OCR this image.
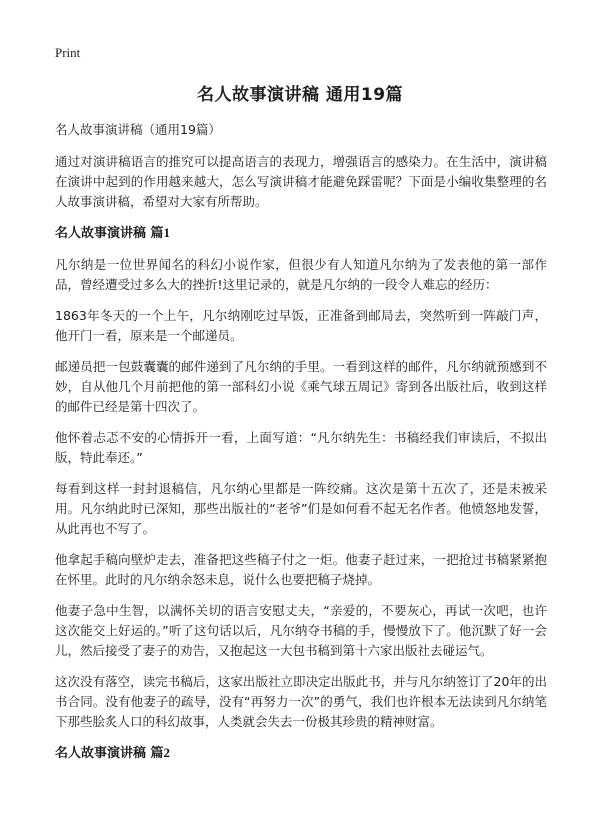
Print
名人故事演讲稿 通用19篇

名人故事演讲稿（通用19篇）

通过对演讲稿语言的推究可以提高语言的表现力，增强语言的感染力。在生活中，演讲稿在演讲中起到的作用越来越大，怎么写演讲稿才能避免踩雷呢？下面是小编收集整理的名人故事演讲稿，希望对大家有所帮助。

名人故事演讲稿 篇1

凡尔纳是一位世界闻名的科幻小说作家，但很少有人知道凡尔纳为了发表他的第一部作品，曾经遭受过多么大的挫折!这里记录的，就是凡尔纳的一段令人难忘的经历：

1863年冬天的一个上午，凡尔纳刚吃过早饭，正准备到邮局去，突然听到一阵敲门声，他开门一看，原来是一个邮递员。

邮递员把一包鼓囊囊的邮件递到了凡尔纳的手里。一看到这样的邮件，凡尔纳就预感到不妙，自从他几个月前把他的第一部科幻小说《乘气球五周记》寄到各出版社后，收到这样的邮件已经是第十四次了。

他怀着忐忑不安的心情拆开一看，上面写道：“凡尔纳先生：书稿经我们审读后，不拟出版，特此奉还。”

每看到这样一封封退稿信，凡尔纳心里都是一阵绞痛。这次是第十五次了，还是未被采用。凡尔纳此时已深知，那些出版社的“老爷”们是如何看不起无名作者。他愤怒地发誓，从此再也不写了。

他拿起手稿向壁炉走去，准备把这些稿子付之一炬。他妻子赶过来，一把抢过书稿紧紧抱在怀里。此时的凡尔纳余怒未息，说什么也要把稿子烧掉。

他妻子急中生智，以满怀关切的语言安慰丈夫，“亲爱的，不要灰心，再试一次吧，也许这次能交上好运的。”听了这句话以后，凡尔纳夺书稿的手，慢慢放下了。他沉默了好一会儿，然后接受了妻子的劝告，又抱起这一大包书稿到第十六家出版社去碰运气。

这次没有落空，读完书稿后，这家出版社立即决定出版此书，并与凡尔纳签订了20年的出书合同。没有他妻子的疏导，没有“再努力一次”的勇气，我们也许根本无法读到凡尔纳笔下那些脍炙人口的科幻故事，人类就会失去一份极其珍贵的精神财富。

名人故事演讲稿 篇2
